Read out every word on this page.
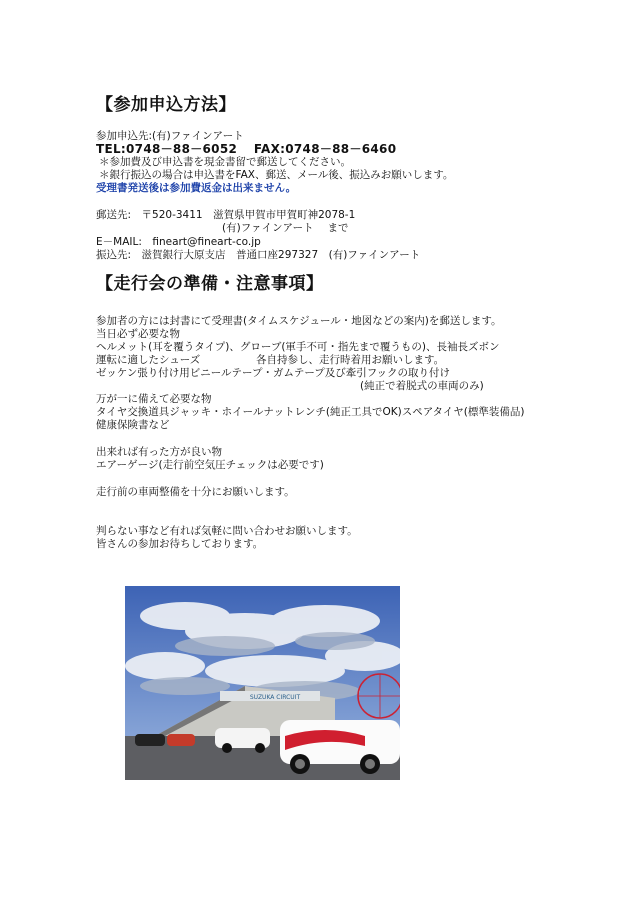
【参加申込方法】
参加申込先:(有)ファインアート
TEL:0748－88－6052　 FAX:0748－88－6460
＊参加費及び申込書を現金書留で郵送してください。
＊銀行振込の場合は申込書をFAX、郵送、メール後、振込みお願いします。
受理書発送後は参加費返金は出来ません。
郵送先:　〒520-3411　滋賀県甲賀市甲賀町神2078-1
(有)ファインアート　 まで
E－MAIL:　fineart@fineart-co.jp
振込先:　滋賀銀行大原支店　普通口座297327　(有)ファインアート
【走行会の準備・注意事項】
参加者の方には封書にて受理書(タイムスケジュール・地図などの案内)を郵送します。
当日必ず必要な物
ヘルメット(耳を覆うタイプ)、グローブ(軍手不可・指先まで覆うもの)、長袖長ズボン
運転に適したシューズ	各自持参し、走行時着用お願いします。
ゼッケン張り付け用ビニールテープ・ガムテープ及び牽引フックの取り付け
(純正で着脱式の車両のみ)
万が一に備えて必要な物
タイヤ交換道具ジャッキ・ホイールナットレンチ(純正工具でOK)スペアタイヤ(標準装備品)
健康保険書など
出来れば有った方が良い物
エアーゲージ(走行前空気圧チェックは必要です)
走行前の車両整備を十分にお願いします。
判らない事など有れば気軽に問い合わせお願いします。
皆さんの参加お待ちしております。
SUZUKA CIRCUIT
